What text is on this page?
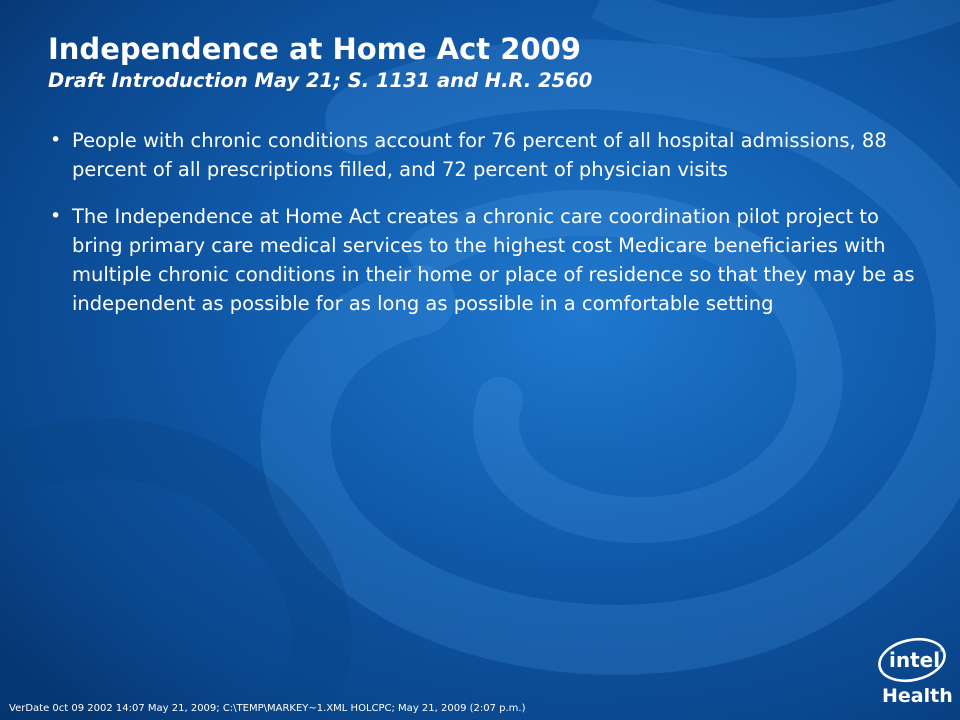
Independence at Home Act 2009
Draft Introduction May 21; S. 1131 and H.R. 2560
• People with chronic conditions account for 76 percent of all hospital admissions, 88 percent of all prescriptions filled, and 72 percent of physician visits
• The Independence at Home Act creates a chronic care coordination pilot project to bring primary care medical services to the highest cost Medicare beneficiaries with multiple chronic conditions in their home or place of residence so that they may be as independent as possible for as long as possible in a comfortable setting
VerDate 0ct 09 2002 14:07 May 21, 2009; C:\TEMP\MARKEY~1.XML HOLCPC; May 21, 2009 (2:07 p.m.)
intel
®
Health
